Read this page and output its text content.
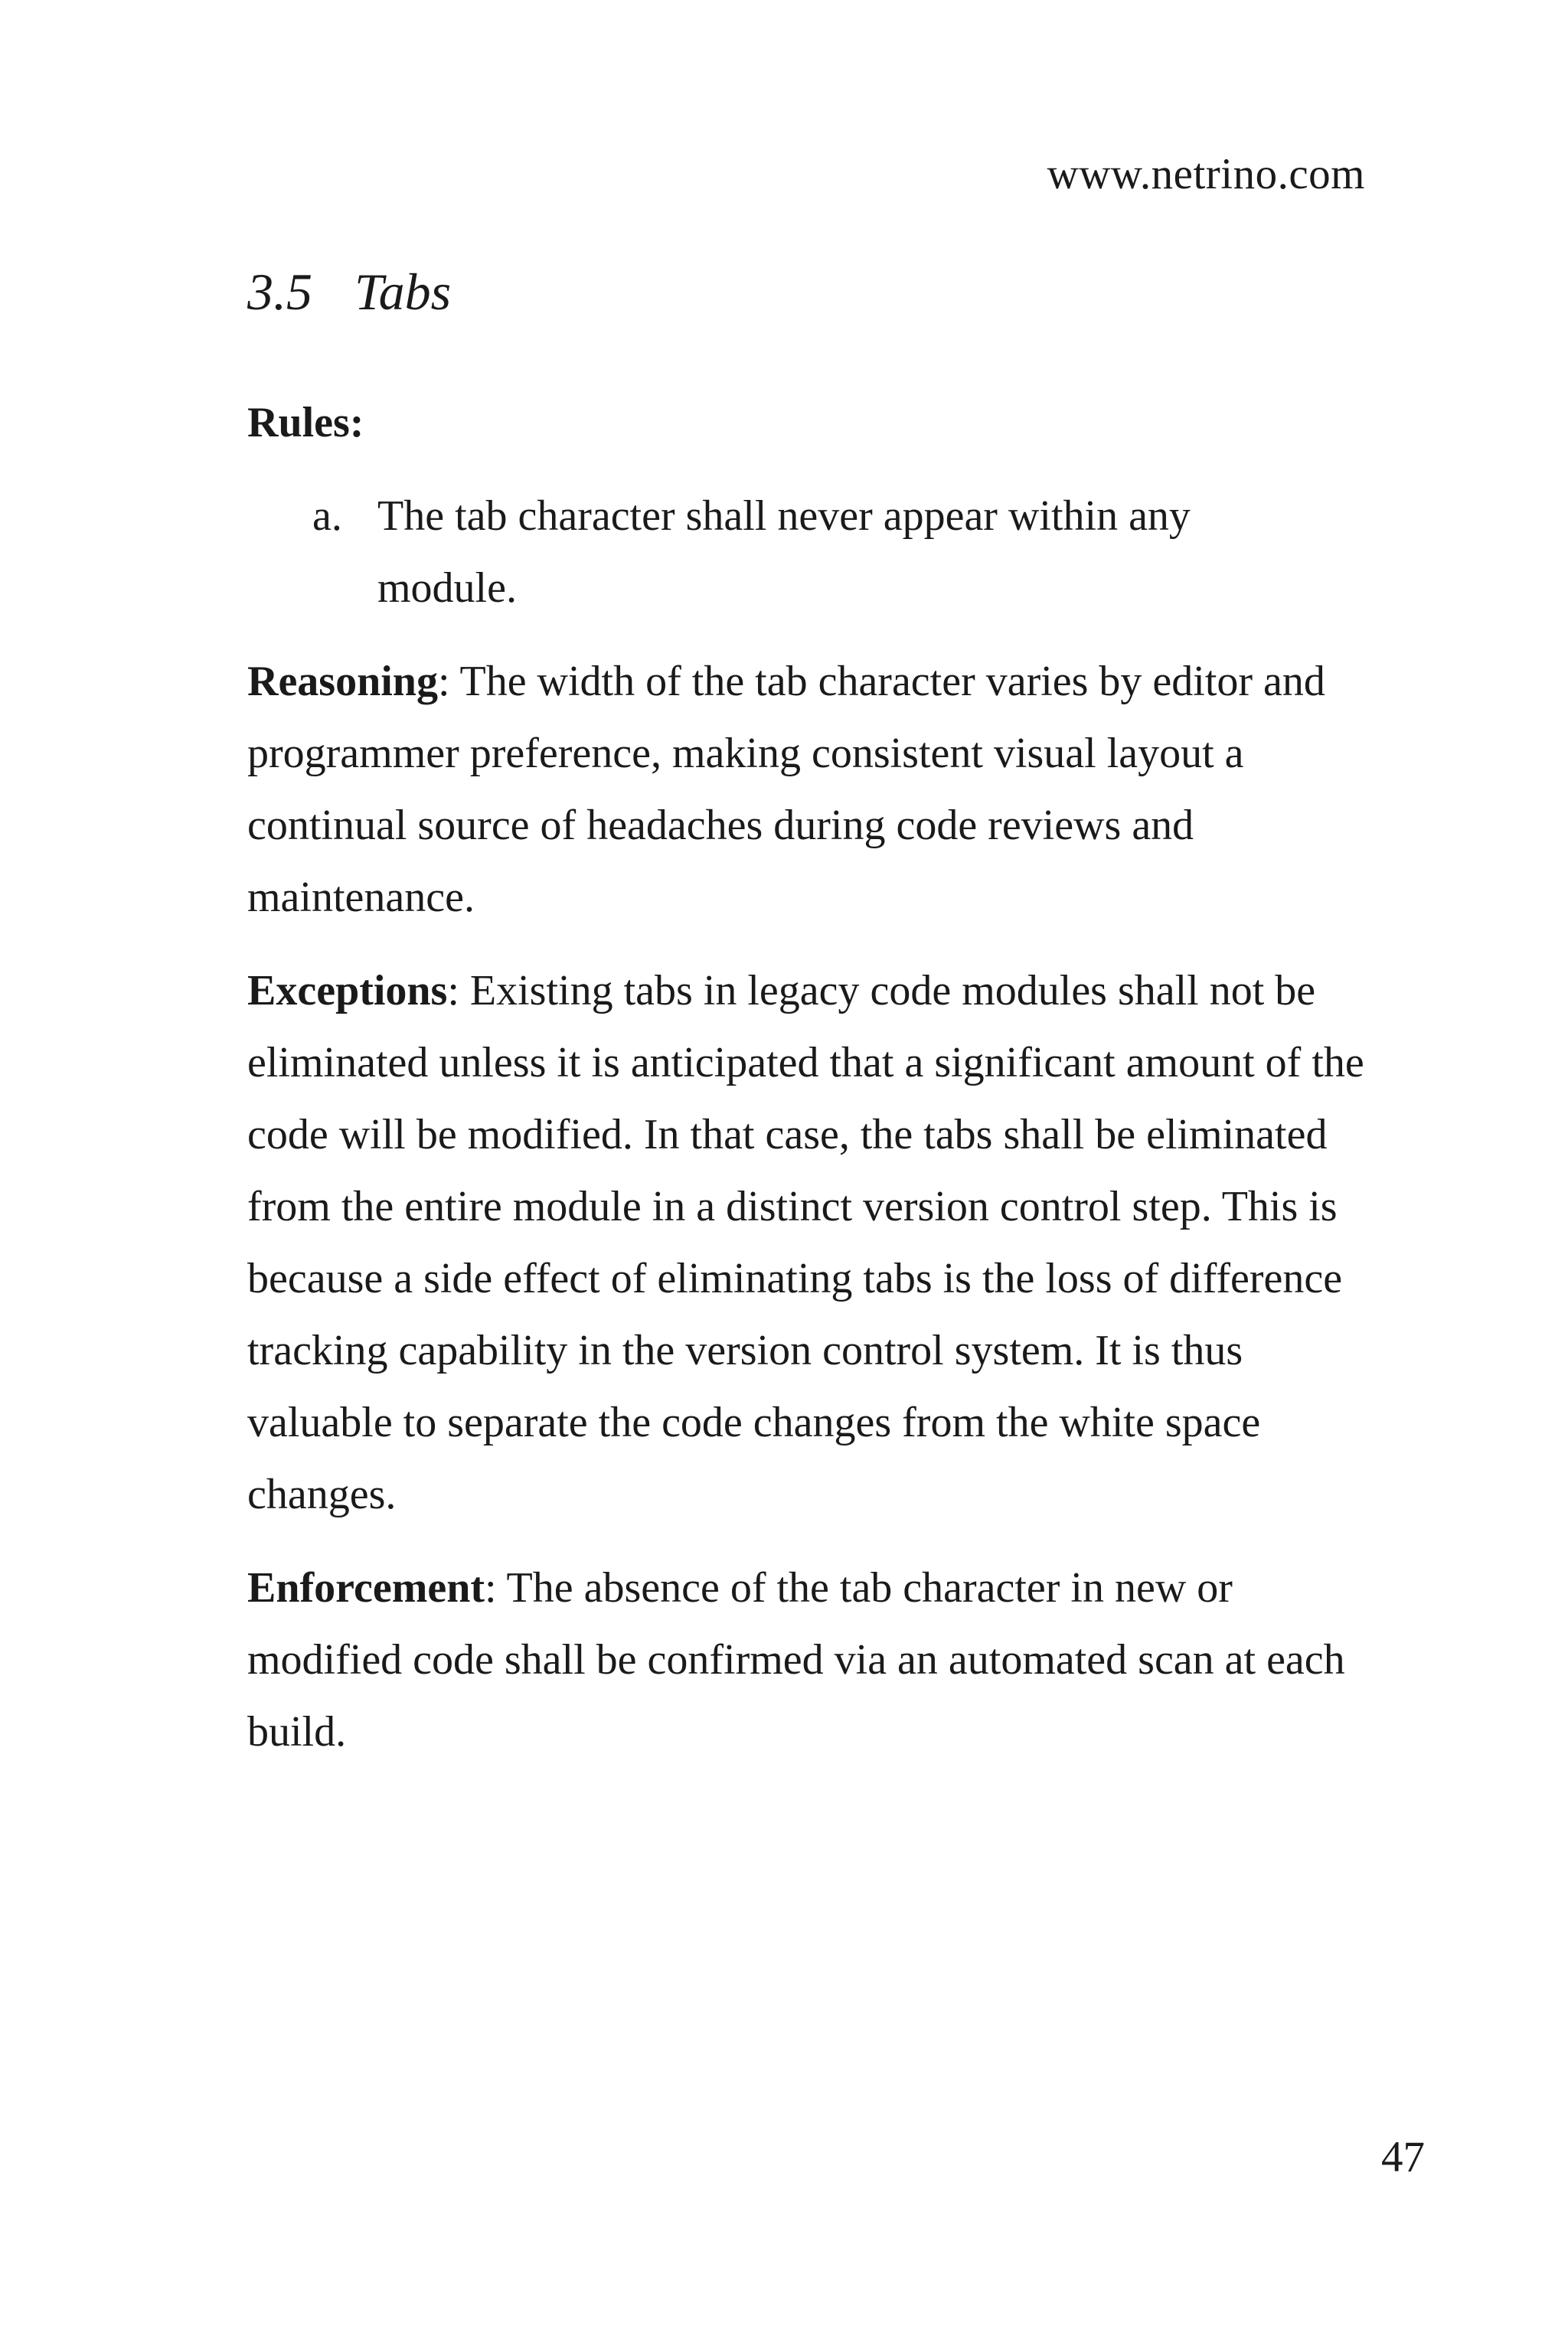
www.netrino.com
3.5 Tabs
Rules:
a. The tab character shall never appear within any module.

Reasoning: The width of the tab character varies by editor and programmer preference, making consistent visual layout a continual source of headaches during code reviews and maintenance.

Exceptions: Existing tabs in legacy code modules shall not be eliminated unless it is anticipated that a significant amount of the code will be modified. In that case, the tabs shall be eliminated from the entire module in a distinct version control step. This is because a side effect of eliminating tabs is the loss of difference tracking capability in the version control system. It is thus valuable to separate the code changes from the white space changes.

Enforcement: The absence of the tab character in new or modified code shall be confirmed via an automated scan at each build.

47
